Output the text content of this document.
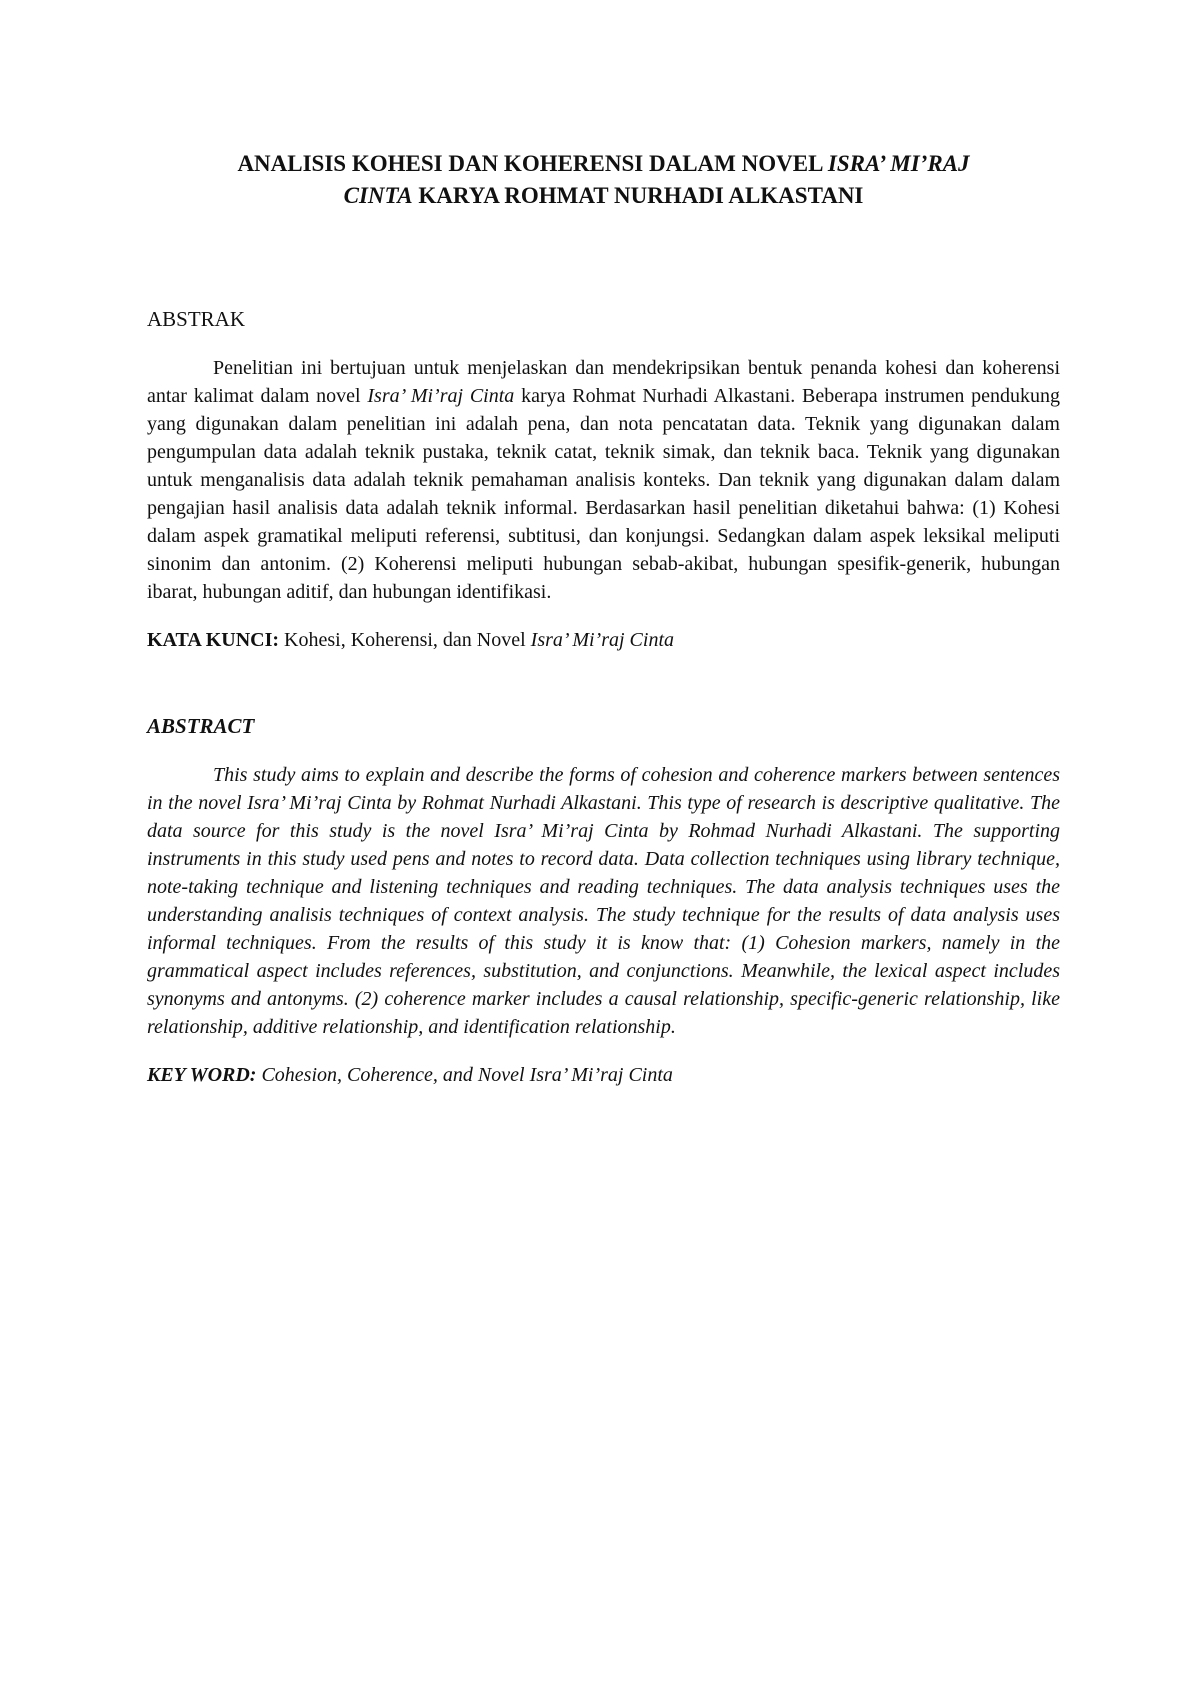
ANALISIS KOHESI DAN KOHERENSI DALAM NOVEL ISRA’ MI’RAJ
CINTA KARYA ROHMAT NURHADI ALKASTANI
ABSTRAK

Penelitian ini bertujuan untuk menjelaskan dan mendekripsikan bentuk penanda kohesi dan koherensi antar kalimat dalam novel Isra’ Mi’raj Cinta karya Rohmat Nurhadi Alkastani. Beberapa instrumen pendukung yang digunakan dalam penelitian ini adalah pena, dan nota pencatatan data. Teknik yang digunakan dalam pengumpulan data adalah teknik pustaka, teknik catat, teknik simak, dan teknik baca. Teknik yang digunakan untuk menganalisis data adalah teknik pemahaman analisis konteks. Dan teknik yang digunakan dalam dalam pengajian hasil analisis data adalah teknik informal. Berdasarkan hasil penelitian diketahui bahwa: (1) Kohesi dalam aspek gramatikal meliputi referensi, subtitusi, dan konjungsi. Sedangkan dalam aspek leksikal meliputi sinonim dan antonim. (2) Koherensi meliputi hubungan sebab-akibat, hubungan spesifik-generik, hubungan ibarat, hubungan aditif, dan hubungan identifikasi.

KATA KUNCI: Kohesi, Koherensi, dan Novel Isra’ Mi’raj Cinta

ABSTRACT

This study aims to explain and describe the forms of cohesion and coherence markers between sentences in the novel Isra’ Mi’raj Cinta by Rohmat Nurhadi Alkastani. This type of research is descriptive qualitative. The data source for this study is the novel Isra’ Mi’raj Cinta by Rohmad Nurhadi Alkastani. The supporting instruments in this study used pens and notes to record data. Data collection techniques using library technique, note-taking technique and listening techniques and reading techniques. The data analysis techniques uses the understanding analisis techniques of context analysis. The study technique for the results of data analysis uses informal techniques. From the results of this study it is know that: (1) Cohesion markers, namely in the grammatical aspect includes references, substitution, and conjunctions. Meanwhile, the lexical aspect includes synonyms and antonyms. (2) coherence marker includes a causal relationship, specific-generic relationship, like relationship, additive relationship, and identification relationship.

KEY WORD: Cohesion, Coherence, and Novel Isra’ Mi’raj Cinta
